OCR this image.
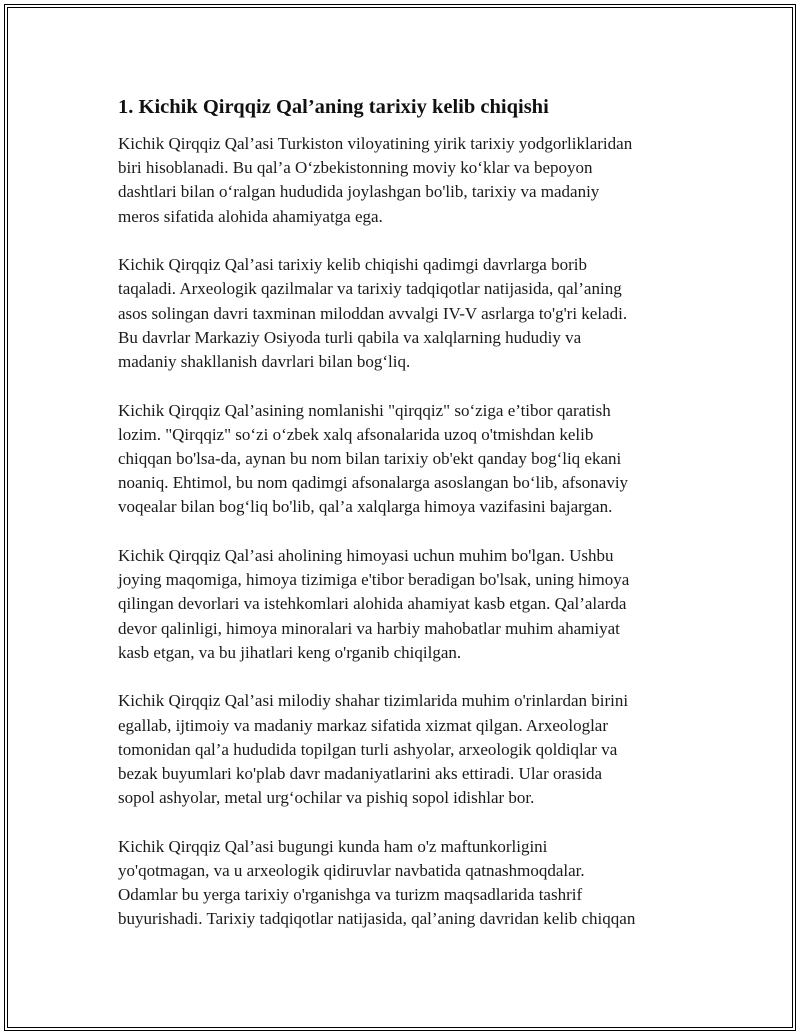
1. Kichik Qirqqiz Qal’aning tarixiy kelib chiqishi

Kichik Qirqqiz Qal’asi Turkiston viloyatining yirik tarixiy yodgorliklaridan
biri hisoblanadi. Bu qal’a O‘zbekistonning moviy ko‘klar va bepoyon
dashtlari bilan o‘ralgan hududida joylashgan bo'lib, tarixiy va madaniy
meros sifatida alohida ahamiyatga ega.

Kichik Qirqqiz Qal’asi tarixiy kelib chiqishi qadimgi davrlarga borib
taqaladi. Arxeologik qazilmalar va tarixiy tadqiqotlar natijasida, qal’aning
asos solingan davri taxminan miloddan avvalgi IV-V asrlarga to'g'ri keladi.
Bu davrlar Markaziy Osiyoda turli qabila va xalqlarning hududiy va
madaniy shakllanish davrlari bilan bog‘liq.

Kichik Qirqqiz Qal’asining nomlanishi "qirqqiz" so‘ziga e’tibor qaratish
lozim. "Qirqqiz" so‘zi o‘zbek xalq afsonalarida uzoq o'tmishdan kelib
chiqqan bo'lsa-da, aynan bu nom bilan tarixiy ob'ekt qanday bog‘liq ekani
noaniq. Ehtimol, bu nom qadimgi afsonalarga asoslangan bo‘lib, afsonaviy
voqealar bilan bog‘liq bo'lib, qal’a xalqlarga himoya vazifasini bajargan.

Kichik Qirqqiz Qal’asi aholining himoyasi uchun muhim bo'lgan. Ushbu
joying maqomiga, himoya tizimiga e'tibor beradigan bo'lsak, uning himoya
qilingan devorlari va istehkomlari alohida ahamiyat kasb etgan. Qal’alarda
devor qalinligi, himoya minoralari va harbiy mahobatlar muhim ahamiyat
kasb etgan, va bu jihatlari keng o'rganib chiqilgan.

Kichik Qirqqiz Qal’asi milodiy shahar tizimlarida muhim o'rinlardan birini
egallab, ijtimoiy va madaniy markaz sifatida xizmat qilgan. Arxeologlar
tomonidan qal’a hududida topilgan turli ashyolar, arxeologik qoldiqlar va
bezak buyumlari ko'plab davr madaniyatlarini aks ettiradi. Ular orasida
sopol ashyolar, metal urg‘ochilar va pishiq sopol idishlar bor.

Kichik Qirqqiz Qal’asi bugungi kunda ham o'z maftunkorligini
yo'qotmagan, va u arxeologik qidiruvlar navbatida qatnashmoqdalar.
Odamlar bu yerga tarixiy o'rganishga va turizm maqsadlarida tashrif
buyurishadi. Tarixiy tadqiqotlar natijasida, qal’aning davridan kelib chiqqan
